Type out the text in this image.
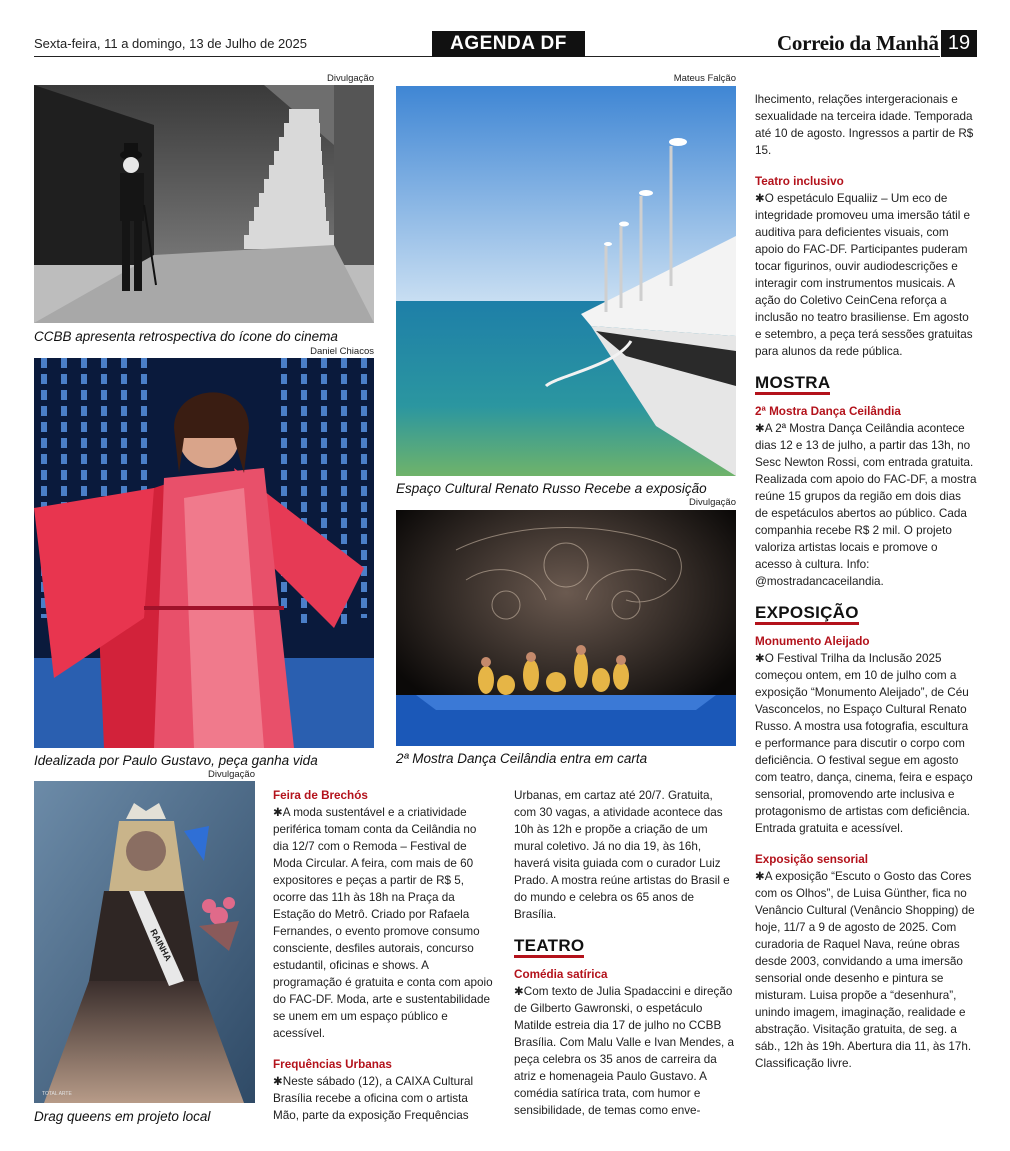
Sexta-feira, 11 a domingo, 13 de Julho de 2025	AGENDA DF	Correio da Manhã 19
Divulgação
CCBB apresenta retrospectiva do ícone do cinema
Mateus Falção
Espaço Cultural Renato Russo Recebe a exposição
Daniel Chiacos
Idealizada por Paulo Gustavo, peça ganha vida
Divulgação
2ª Mostra Dança Ceilândia entra em carta
Divulgação
RAINHA
TOTAL ARTE
Drag queens em projeto local
Feira de Brechós
✱A moda sustentável e a criatividade periférica tomam conta da Ceilândia no dia 12/7 com o Remoda – Festival de Moda Circular. A feira, com mais de 60 expositores e peças a partir de R$ 5, ocorre das 11h às 18h na Praça da Estação do Metrô. Criado por Rafaela Fernandes, o evento promove consumo consciente, desfiles autorais, concurso estudantil, oficinas e shows. A programação é gratuita e conta com apoio do FAC-DF. Moda, arte e sustentabilidade se unem em um espaço público e acessível.
Frequências Urbanas
✱Neste sábado (12), a CAIXA Cultural Brasília recebe a oficina com o artista Mão, parte da exposição Frequências
Urbanas, em cartaz até 20/7. Gratuita, com 30 vagas, a atividade acontece das 10h às 12h e propõe a criação de um mural coletivo. Já no dia 19, às 16h, haverá visita guiada com o curador Luiz Prado. A mostra reúne artistas do Brasil e do mundo e celebra os 65 anos de Brasília.
TEATRO
Comédia satírica
✱Com texto de Julia Spadaccini e direção de Gilberto Gawronski, o espetáculo Matilde estreia dia 17 de julho no CCBB Brasília. Com Malu Valle e Ivan Mendes, a peça celebra os 35 anos de carreira da atriz e homenageia Paulo Gustavo. A comédia satírica trata, com humor e sensibilidade, de temas como enve-
lhecimento, relações intergeracionais e sexualidade na terceira idade. Temporada até 10 de agosto. Ingressos a partir de R$ 15.
Teatro inclusivo
✱O espetáculo Equaliiz – Um eco de integridade promoveu uma imersão tátil e auditiva para deficientes visuais, com apoio do FAC-DF. Participantes puderam tocar figurinos, ouvir audiodescrições e interagir com instrumentos musicais. A ação do Coletivo CeinCena reforça a inclusão no teatro brasiliense. Em agosto e setembro, a peça terá sessões gratuitas para alunos da rede pública.
MOSTRA
2ª Mostra Dança Ceilândia
✱A 2ª Mostra Dança Ceilândia acontece dias 12 e 13 de julho, a partir das 13h, no Sesc Newton Rossi, com entrada gratuita. Realizada com apoio do FAC-DF, a mostra reúne 15 grupos da região em dois dias de espetáculos abertos ao público. Cada companhia recebe R$ 2 mil. O projeto valoriza artistas locais e promove o acesso à cultura. Info: @mostradancaceilandia.
EXPOSIÇÃO
Monumento Aleijado
✱O Festival Trilha da Inclusão 2025 começou ontem, em 10 de julho com a exposição “Monumento Aleijado”, de Céu Vasconcelos, no Espaço Cultural Renato Russo. A mostra usa fotografia, escultura e performance para discutir o corpo com deficiência. O festival segue em agosto com teatro, dança, cinema, feira e espaço sensorial, promovendo arte inclusiva e protagonismo de artistas com deficiência. Entrada gratuita e acessível.
Exposição sensorial
✱A exposição “Escuto o Gosto das Cores com os Olhos”, de Luisa Günther, fica no Venâncio Cultural (Venâncio Shopping) de hoje, 11/7 a 9 de agosto de 2025. Com curadoria de Raquel Nava, reúne obras desde 2003, convidando a uma imersão sensorial onde desenho e pintura se misturam. Luisa propõe a “desenhura”, unindo imagem, imaginação, realidade e abstração. Visitação gratuita, de seg. a sáb., 12h às 19h. Abertura dia 11, às 17h. Classificação livre.
